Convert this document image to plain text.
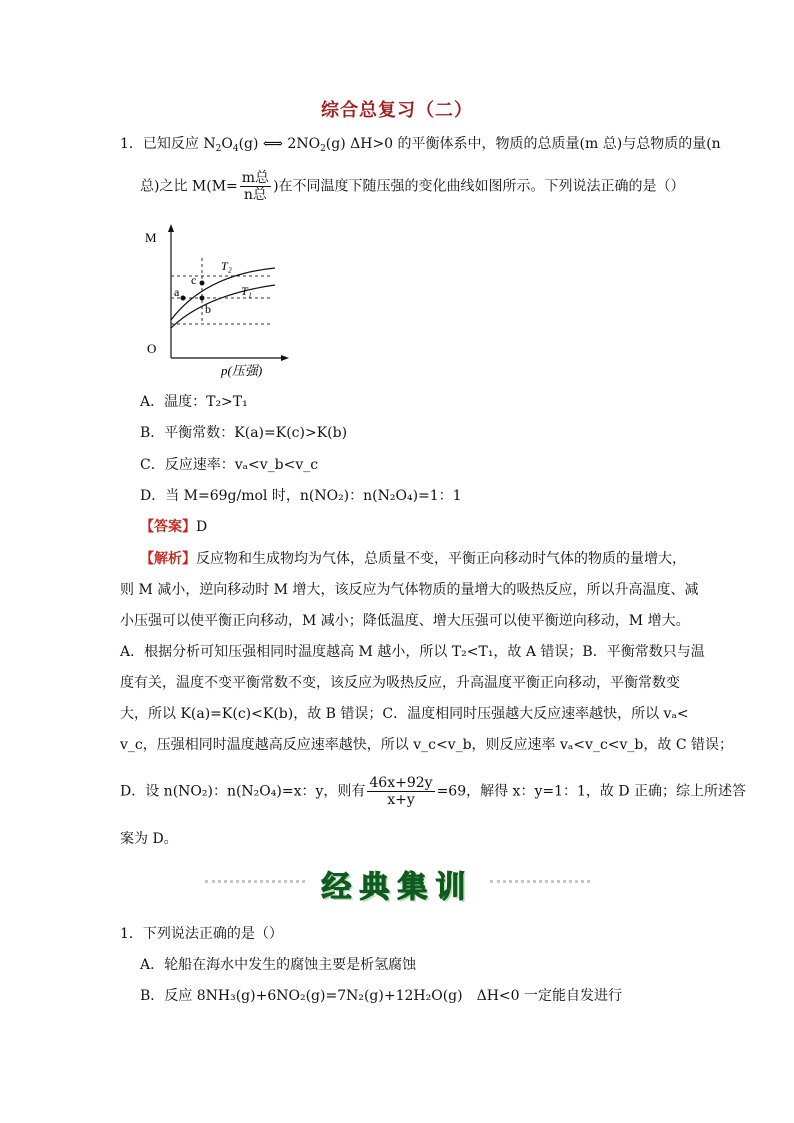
综合总复习（二）
1．已知反应 $N_2O_4(g)$ ⟺ $2NO_2(g)$ ΔH>0 的平衡体系中，物质的总质量(m 总)与总物质的量(n
总)之比 $M(M= \frac{\text{m总}}{\text{n总}}$ )在不同温度下随压强的变化曲线如图所示。下列说法正确的是（）
M
O
p(压强)
T₂
T₁
a
b
c
A．温度：T₂>T₁
B．平衡常数：K(a)=K(c)>K(b)
C．反应速率：vₐ<v_b<v_c
D．当 M=69g/mol 时，n(NO₂)：n(N₂O₄)=1：1
【答案】D
【解析】反应物和生成物均为气体，总质量不变，平衡正向移动时气体的物质的量增大，
则 M 减小，逆向移动时 M 增大，该反应为气体物质的量增大的吸热反应，所以升高温度、减
小压强可以使平衡正向移动，M 减小；降低温度、增大压强可以使平衡逆向移动，M 增大。
A．根据分析可知压强相同时温度越高 M 越小，所以 T₂<T₁，故 A 错误；B．平衡常数只与温
度有关，温度不变平衡常数不变，该反应为吸热反应，升高温度平衡正向移动，平衡常数变
大，所以 K(a)=K(c)<K(b)，故 B 错误；C．温度相同时压强越大反应速率越快，所以 vₐ<
v_c，压强相同时温度越高反应速率越快，所以 v_c<v_b，则反应速率 vₐ<v_c<v_b，故 C 错误；
D．设 n(NO₂)：n(N₂O₄)=x：y，则有 $\frac{46x+92y}{x+y} =69$，解得 x：y=1：1，故 D 正确；综上所述答
案为 D。
经典集训
1．下列说法正确的是（）
A．轮船在海水中发生的腐蚀主要是析氢腐蚀
B．反应 8NH₃(g)+6NO₂(g)=7N₂(g)+12H₂O(g)　ΔH<0 一定能自发进行
